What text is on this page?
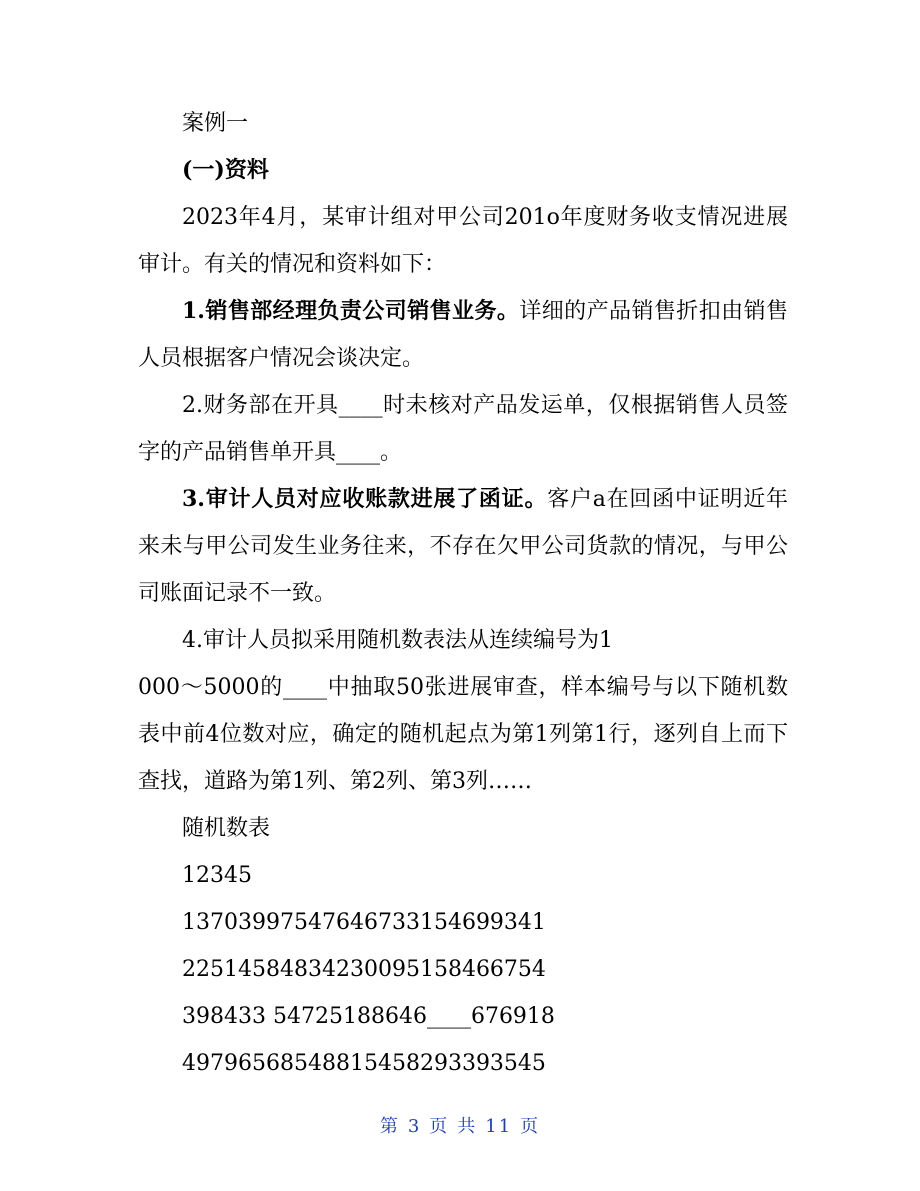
案例一

(一)资料

2023年4月，某审计组对甲公司201o年度财务收支情况进展审计。有关的情况和资料如下：

1.销售部经理负责公司销售业务。详细的产品销售折扣由销售人员根据客户情况会谈决定。

2.财务部在开具____时未核对产品发运单，仅根据销售人员签字的产品销售单开具____。

3.审计人员对应收账款进展了函证。客户a在回函中证明近年来未与甲公司发生业务往来，不存在欠甲公司货款的情况，与甲公司账面记录不一致。

4.审计人员拟采用随机数表法从连续编号为1

000～5000的____中抽取50张进展审查，样本编号与以下随机数表中前4位数对应，确定的随机起点为第1列第1行，逐列自上而下查找，道路为第1列、第2列、第3列……

随机数表

12345

13703997547646733154699341

22514584834230095158466754

398433 54725188646____676918

49796568548815458293393545

第 3 页 共 11 页
